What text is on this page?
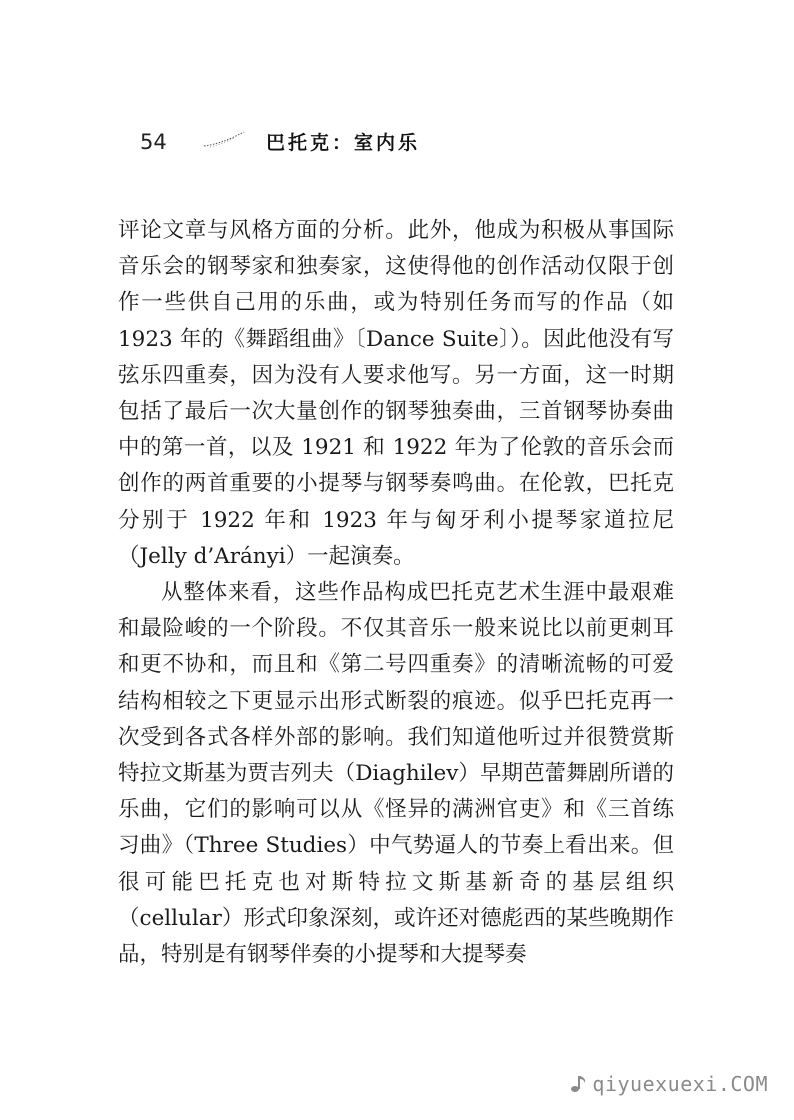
54	巴托克：室内乐

评论文章与风格方面的分析。此外，他成为积极从事国际音乐会的钢琴家和独奏家，这使得他的创作活动仅限于创作一些供自己用的乐曲，或为特别任务而写的作品（如 1923 年的《舞蹈组曲》〔Dance Suite〕）。因此他没有写弦乐四重奏，因为没有人要求他写。另一方面，这一时期包括了最后一次大量创作的钢琴独奏曲，三首钢琴协奏曲中的第一首，以及 1921 和 1922 年为了伦敦的音乐会而创作的两首重要的小提琴与钢琴奏鸣曲。在伦敦，巴托克分别于 1922 年和 1923 年与匈牙利小提琴家道拉尼（Jelly d’Arányi）一起演奏。

从整体来看，这些作品构成巴托克艺术生涯中最艰难和最险峻的一个阶段。不仅其音乐一般来说比以前更刺耳和更不协和，而且和《第二号四重奏》的清晰流畅的可爱结构相较之下更显示出形式断裂的痕迹。似乎巴托克再一次受到各式各样外部的影响。我们知道他听过并很赞赏斯特拉文斯基为贾吉列夫（Diaghilev）早期芭蕾舞剧所谱的乐曲，它们的影响可以从《怪异的满洲官吏》和《三首练习曲》（Three Studies）中气势逼人的节奏上看出来。但很可能巴托克也对斯特拉文斯基新奇的基层组织（cellular）形式印象深刻，或许还对德彪西的某些晚期作品，特别是有钢琴伴奏的小提琴和大提琴奏

qiyuexuexi.COM
